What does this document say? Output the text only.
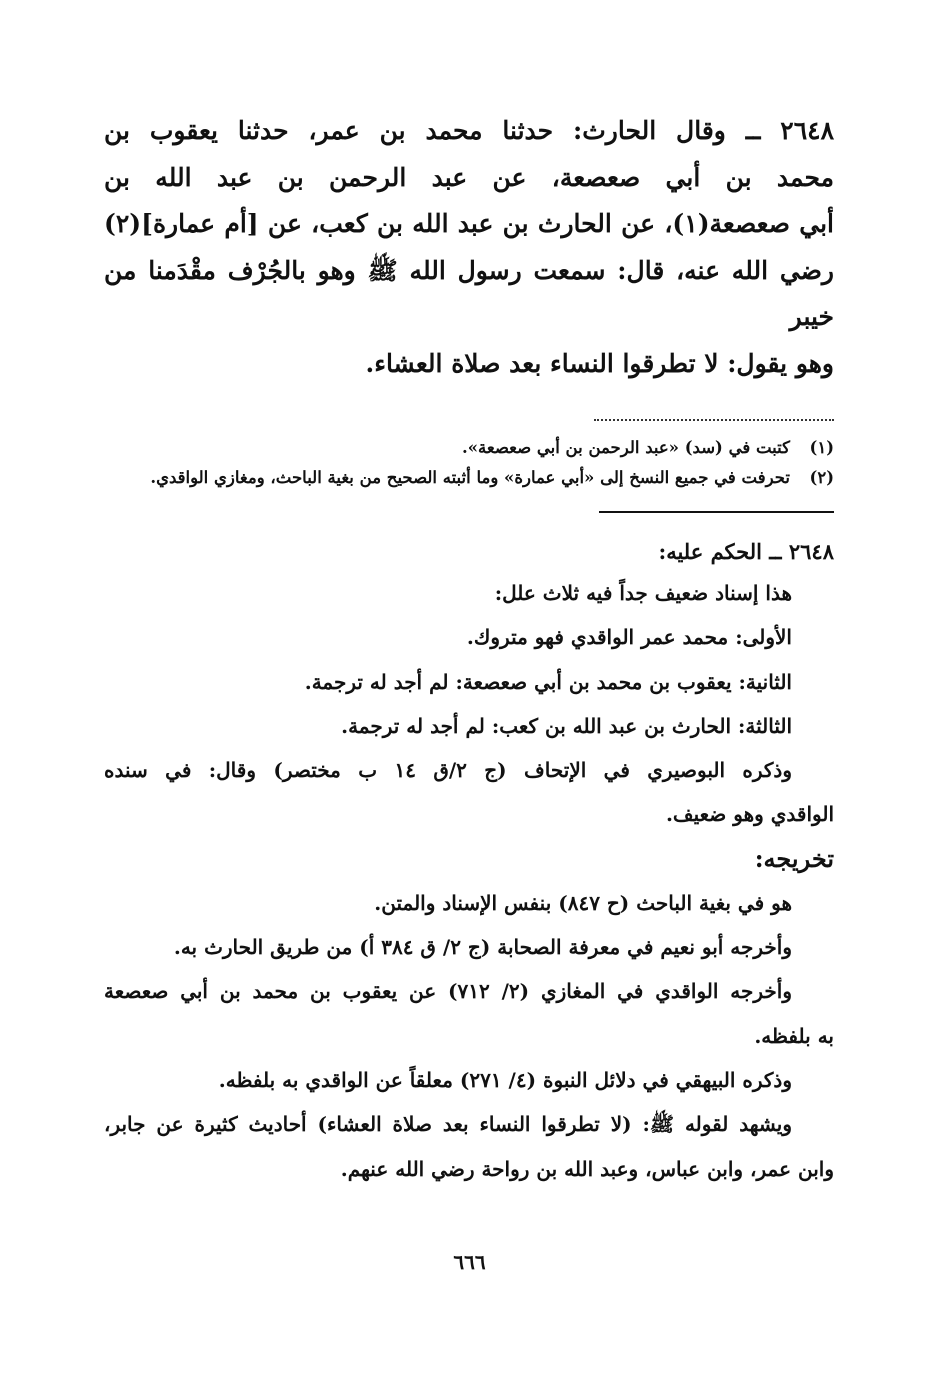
٢٦٤٨ ــ وقال الحارث: حدثنا محمد بن عمر، حدثنا يعقوب بن
محمد بن أبي صعصعة، عن عبد الرحمن بن عبد الله بن
أبي صعصعة(١)، عن الحارث بن عبد الله بن كعب، عن [أم عمارة](٢)
رضي الله عنه، قال: سمعت رسول الله ﷺ وهو بالجُرْف مقْدَمنا من خيبر
وهو يقول: لا تطرقوا النساء بعد صلاة العشاء.
(١)
كتبت في (سد) «عبد الرحمن بن أبي صعصعة».
(٢)
تحرفت في جميع النسخ إلى «أبي عمارة» وما أثبته الصحيح من بغية الباحث، ومغازي الواقدي.
٢٦٤٨ ــ الحكم عليه:
هذا إسناد ضعيف جداً فيه ثلاث علل:
الأولى: محمد عمر الواقدي فهو متروك.
الثانية: يعقوب بن محمد بن أبي صعصعة: لم أجد له ترجمة.
الثالثة: الحارث بن عبد الله بن كعب: لم أجد له ترجمة.
وذكره البوصيري في الإتحاف (ج ٢/ق ١٤ ب مختصر) وقال: في سنده
الواقدي وهو ضعيف.
تخريجه:
هو في بغية الباحث (ح ٨٤٧) بنفس الإسناد والمتن.
وأخرجه أبو نعيم في معرفة الصحابة (ج ٢/ ق ٣٨٤ أ) من طريق الحارث به.
وأخرجه الواقدي في المغازي (٢/ ٧١٢) عن يعقوب بن محمد بن أبي صعصعة
به بلفظه.
وذكره البيهقي في دلائل النبوة (٤/ ٢٧١) معلقاً عن الواقدي به بلفظه.
ويشهد لقوله ﷺ: (لا تطرقوا النساء بعد صلاة العشاء) أحاديث كثيرة عن جابر،
وابن عمر، وابن عباس، وعبد الله بن رواحة رضي الله عنهم.
٦٦٦
